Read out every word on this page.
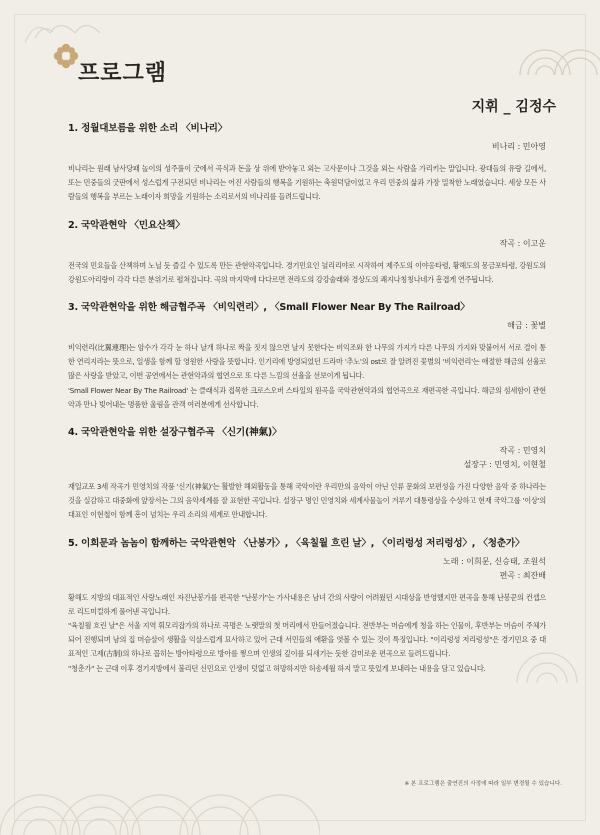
프로그램
지휘 _ 김정수
1. 정월대보름을 위한 소리 〈비나리〉
비나리 : 민아영

비나리는 원래 남사당패 놀이의 성주풀이 굿에서 곡식과 돈을 상 위에 받아놓고 외는 고사문이나 그것을 외는 사람을 가리키는 말입니다. 광대들의 유랑 길에서, 또는 민중들의 굿판에서 성스럽게 구전되던 비나리는 어진 사람들의 행복을 기원하는 축원덕담이었고 우리 민중의 삶과 가장 밀착한 노래였습니다. 세상 모든 사람들의 행복을 부르는 노래이자 희망을 기원하는 소리로서의 비나리를 들려드립니다.

2. 국악관현악 〈민요산책〉
작곡 : 이고운

전국의 민요들을 산책하며 노닐 듯 즐길 수 있도록 만든 관현악곡입니다. 경기민요인 늴리리야로 시작하여 제주도의 이야옹타령, 황해도의 몽금포타령, 강원도의 강원도아리랑이 각각 다른 분위기로 펼쳐집니다. 곡의 마지막에 다다르면 전라도의 강강술래와 경상도의 쾌지나칭칭나네가 흥겹게 연주됩니다.

3. 국악관현악을 위한 해금협주곡 〈비익련리〉, 〈Small Flower Near By The Railroad〉
해금 : 꽃별

비익련리(比翼連理)는 암수가 각각 눈 하나 날개 하나로 짝을 짓지 않으면 날지 못한다는 비익조와 한 나무의 가지가 다른 나무의 가지와 맞붙어서 서로 결이 통한 연리지라는 뜻으로, 일생을 함께 할 영원한 사랑을 뜻합니다. 인기리에 방영되었던 드라마 '추노'의 ost로 잘 알려진 꽃별의 '비익련리'는 애절한 해금의 선율로 많은 사랑을 받았고, 이번 공연에서는 관현악과의 협연으로 또 다른 느낌의 선율을 선보이게 됩니다.

'Small Flower Near By The Railroad' 는 클래식과 접목한 크로스오버 스타일의 원곡을 국악관현악과의 협연곡으로 재편곡한 곡입니다. 해금의 섬세함이 관현악과 만나 빚어내는 명품한 울림을 관객 여러분에게 선사합니다.

4. 국악관현악을 위한 설장구협주곡 〈신기(神氣)〉
작곡 : 민영치
설장구 : 민영치, 이현철

재일교포 3세 작곡가 민영치의 작품 '신기(神氣)'는 활발한 해외활동을 통해 국악이란 우리만의 음악이 아닌 인류 문화의 보편성을 가진 다양한 음악 중 하나라는 것을 실감하고 대중화에 앞장서는 그의 음악세계를 잘 표현한 곡입니다. 설장구 명인 민영치와 세계사물놀이 겨루기 대통령상을 수상하고 현재 국악그룹 '이상'의 대표인 이현철이 함께 흥이 넘치는 우리 소리의 세계로 안내합니다.

5. 이희문과 놈놈이 함께하는 국악관현악 〈난봉가〉, 〈육칠월 흐린 날〉, 〈이리렁성 저리렁성〉, 〈청춘가〉
노래 : 이희문, 신승태, 조원석
편곡 : 최잔배

황해도 지방의 대표적인 사랑노래인 자진난봉가를 편곡한 "난봉가"는 가사내용은 남녀 간의 사랑이 어려웠던 시대상을 반영했지만 편곡을 통해 난봉꾼의 컨셉으로 리드미컬하게 풀어낸 곡입니다.

"육칠월 흐린 날"은 서울 지역 휘모리잡가의 하나로 곡명은 노랫말의 첫 머리에서 만들어졌습니다. 전반부는 머슴에게 청을 하는 인물이, 후반부는 머슴이 주체가 되어 진행되며 남의 집 머슴살이 생활을 익살스럽게 묘사하고 있어 근대 서민들의 애환을 엿볼 수 있는 것이 특징입니다. "이리렁성 저리렁성"은 경기민요 중 대표적인 고제(古制)의 하나로 꼽히는 방아타령으로 방아를 찧으며 인생의 깊이를 되새기는 듯한 감미로운 편곡으로 들려드립니다.

"청춘가" 는 근대 이후 경기지방에서 불리던 신민요로 인생이 덧없고 허망하지만 허송세월 하지 말고 뜻있게 보내라는 내용을 담고 있습니다.

※ 본 프로그램은 출연진의 사정에 따라 일부 변경될 수 있습니다.
